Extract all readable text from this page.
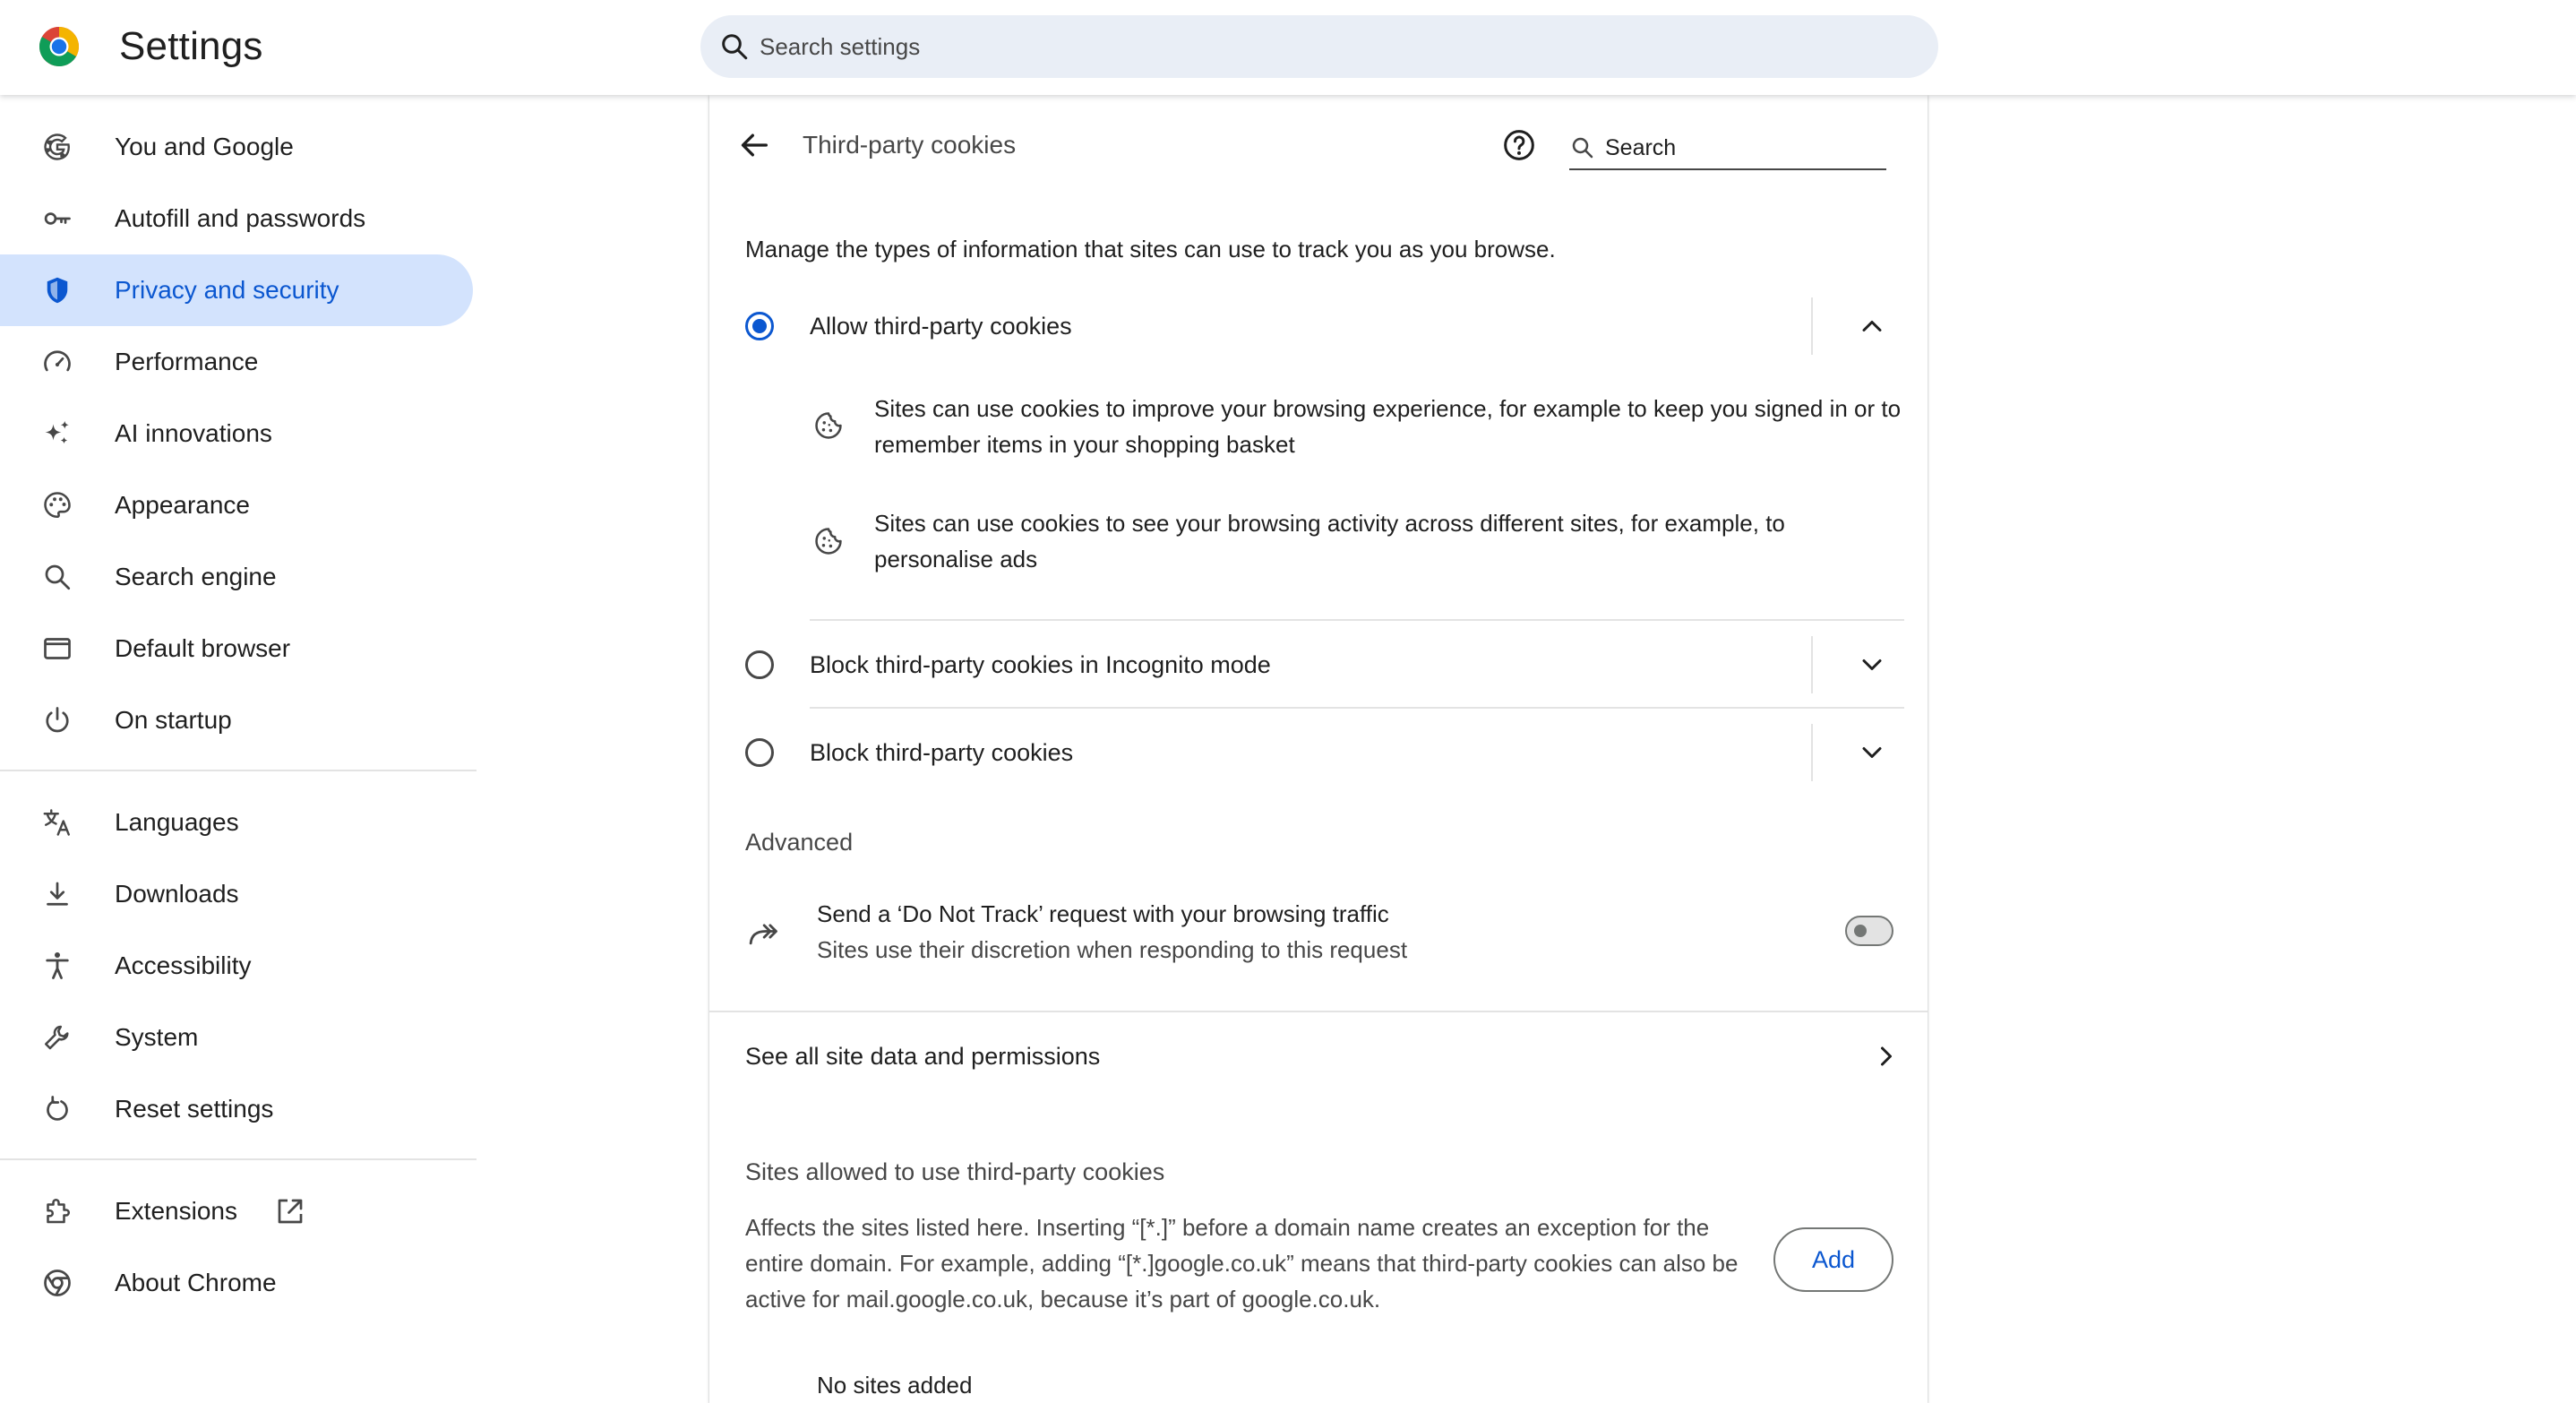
Settings
Search settings
You and Google
Autofill and passwords
Privacy and security
Performance
AI innovations
Appearance
Search engine
Default browser
On startup
Languages
Downloads
Accessibility
System
Reset settings
Extensions
About Chrome
Third-party cookies
Search
Manage the types of information that sites can use to track you as you browse.
Allow third-party cookies
Sites can use cookies to improve your browsing experience, for example to keep you signed in or to remember items in your shopping basket
Sites can use cookies to see your browsing activity across different sites, for example, to personalise ads
Block third-party cookies in Incognito mode
Block third-party cookies
Advanced
Send a ‘Do Not Track’ request with your browsing traffic
Sites use their discretion when responding to this request
See all site data and permissions
Sites allowed to use third-party cookies
Affects the sites listed here. Inserting “[*.]” before a domain name creates an exception for the entire domain. For example, adding “[*.]google.co.uk” means that third-party cookies can also be active for mail.google.co.uk, because it’s part of google.co.uk.
Add
No sites added
